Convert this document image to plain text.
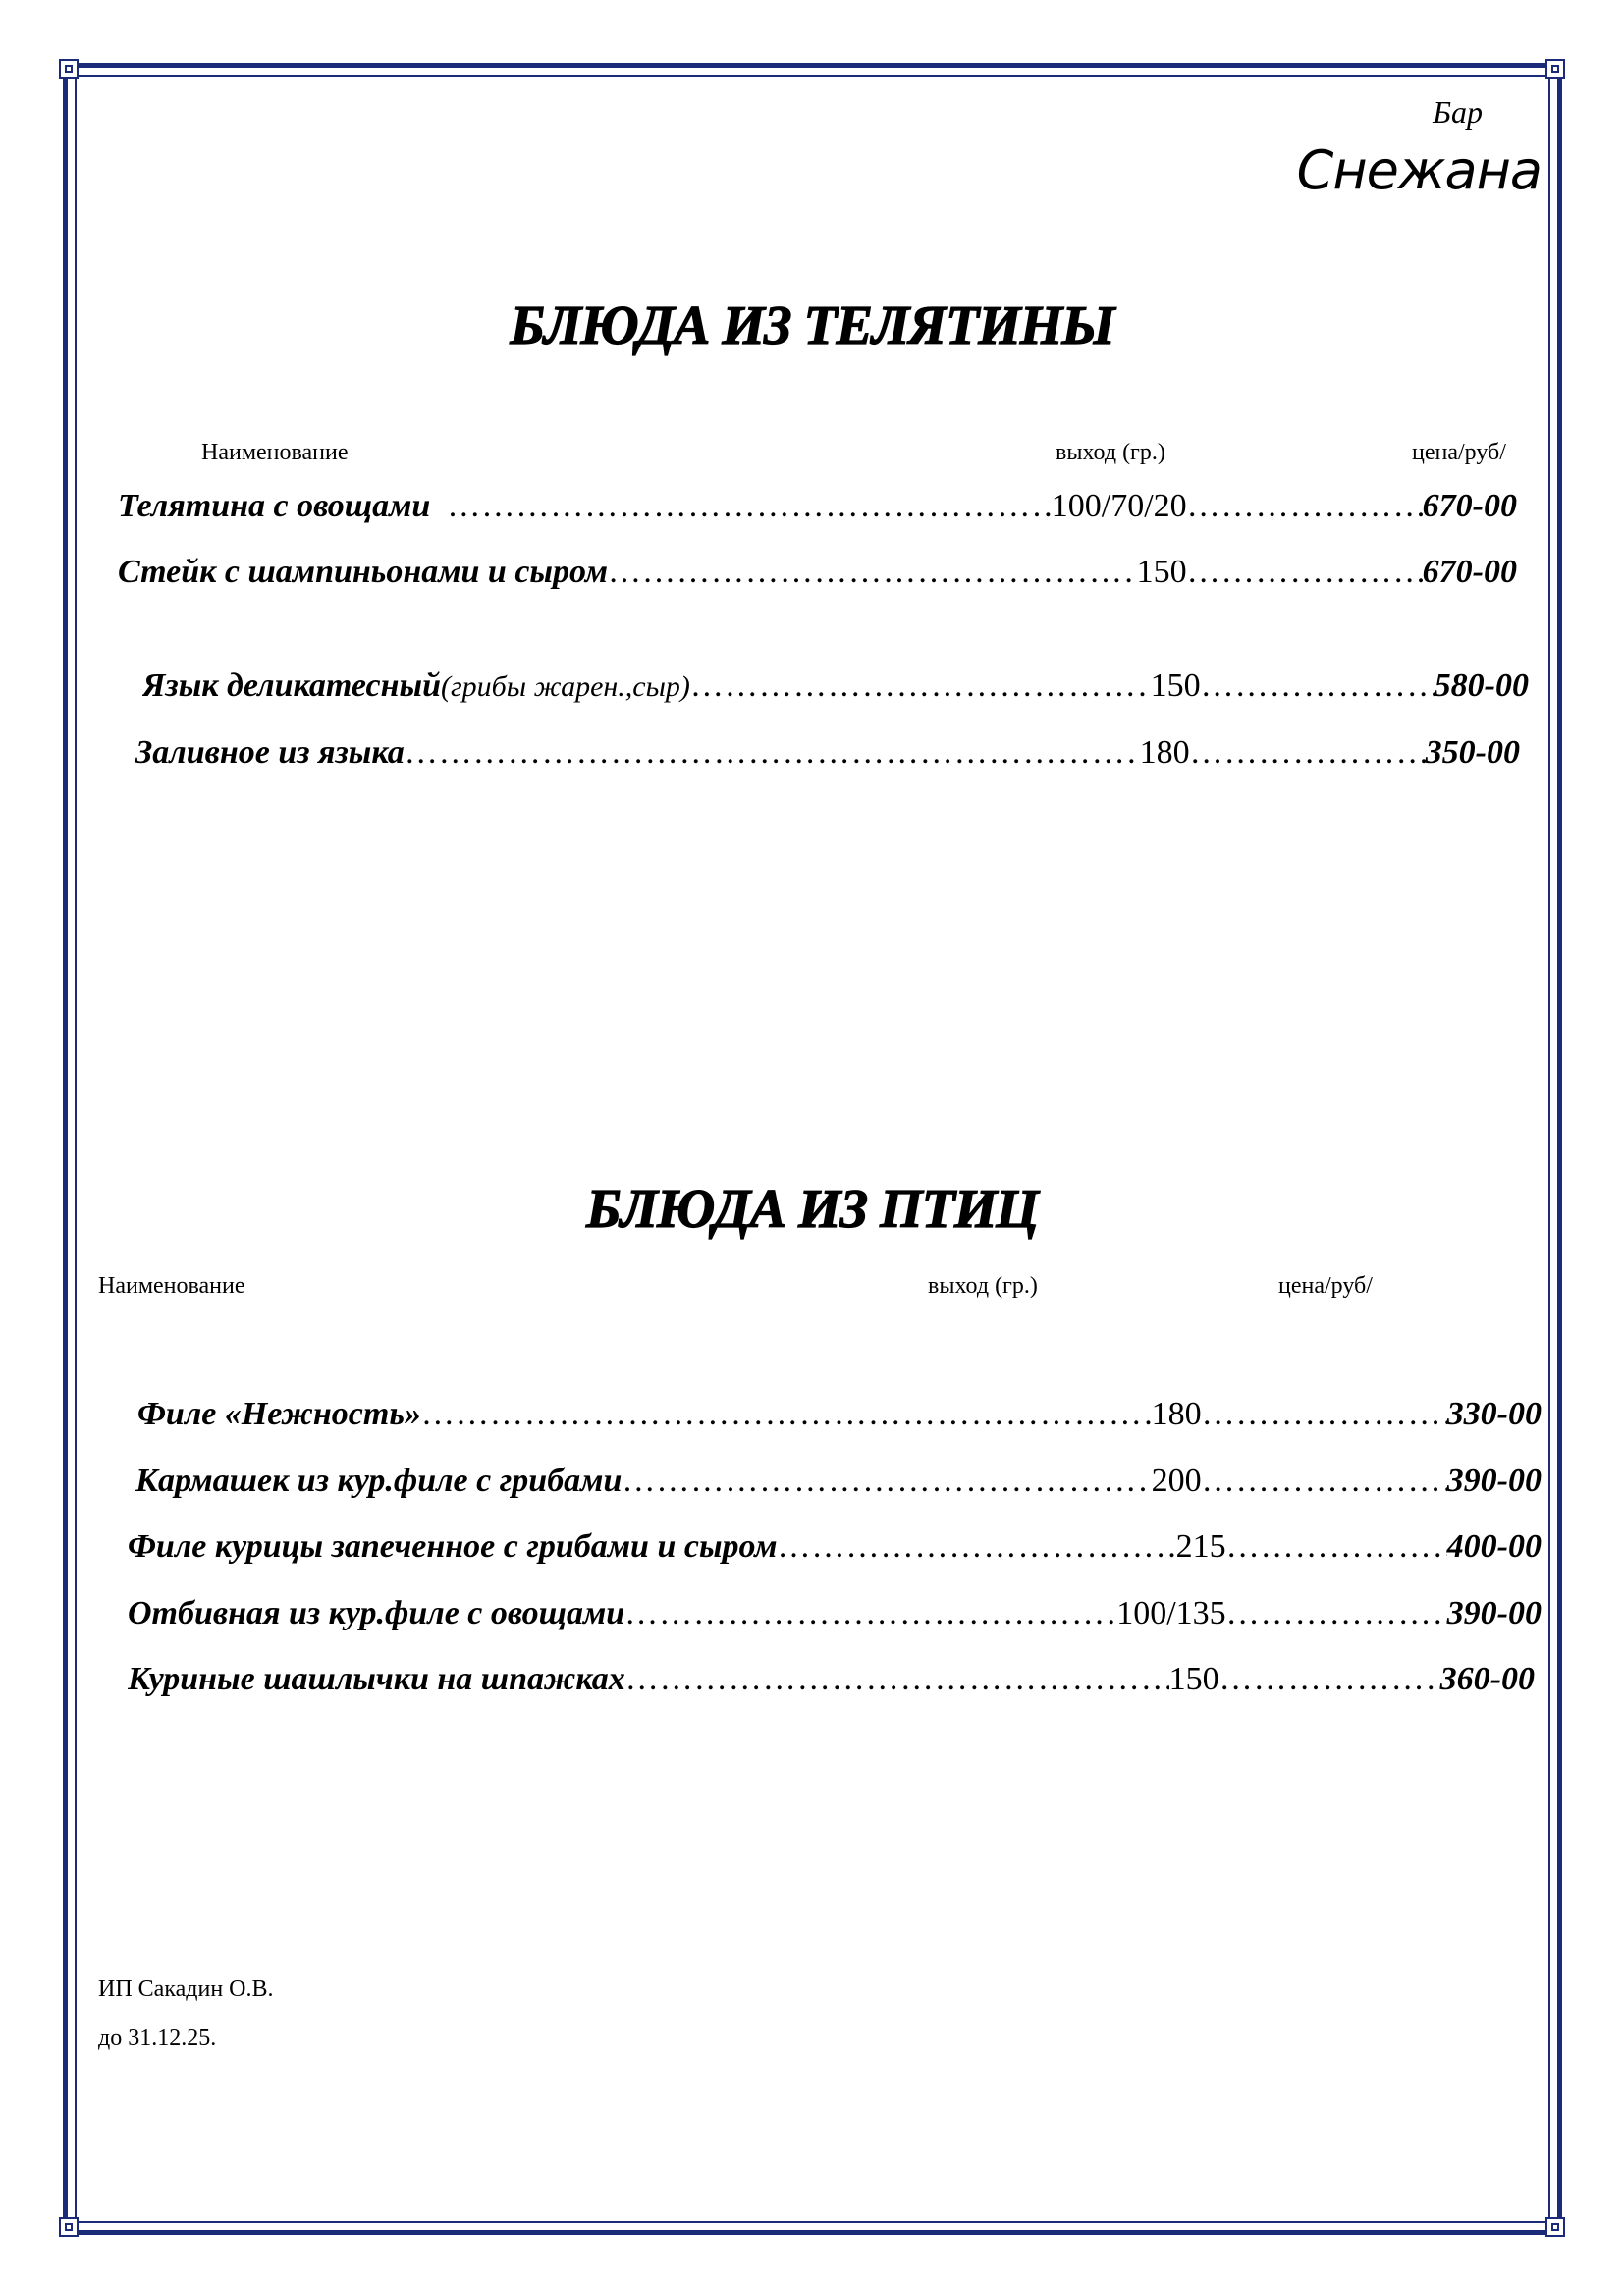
Бар
Снежана
БЛЮДА ИЗ ТЕЛЯТИНЫ
Наименование	выход (гр.)	цена/руб/
Телятина с овощами
……………………………………………………………………………………………………………………………………………	100/70/20 ……………………………………………………………………………………………………………………………………………	670-00
Стейк с шампиньонами и сыром ……………………………………………………………………………………………………………………………………………	150 ……………………………………………………………………………………………………………………………………………	670-00
Язык деликатесный (грибы жарен.,сыр) ……………………………………………………………………………………………………………………………………………	150 ……………………………………………………………………………………………………………………………………………	580-00
Заливное из языка ……………………………………………………………………………………………………………………………………………	180 ……………………………………………………………………………………………………………………………………………	350-00
БЛЮДА ИЗ ПТИЦ
Наименование	выход (гр.)	цена/руб/
Филе «Нежность» ……………………………………………………………………………………………………………………………………………	180 ……………………………………………………………………………………………………………………………………………	330-00
Кармашек из кур.филе с грибами ……………………………………………………………………………………………………………………………………………	200 ……………………………………………………………………………………………………………………………………………	390-00
Филе курицы запеченное с грибами и сыром ……………………………………………………………………………………………………………………………………………	215 ……………………………………………………………………………………………………………………………………………	400-00
Отбивная из кур.филе с овощами ……………………………………………………………………………………………………………………………………………	100/135 ……………………………………………………………………………………………………………………………………………	390-00
Куриные шашлычки на шпажках ……………………………………………………………………………………………………………………………………………	150 ……………………………………………………………………………………………………………………………………………	360-00
ИП Сакадин О.В.
до 31.12.25.
